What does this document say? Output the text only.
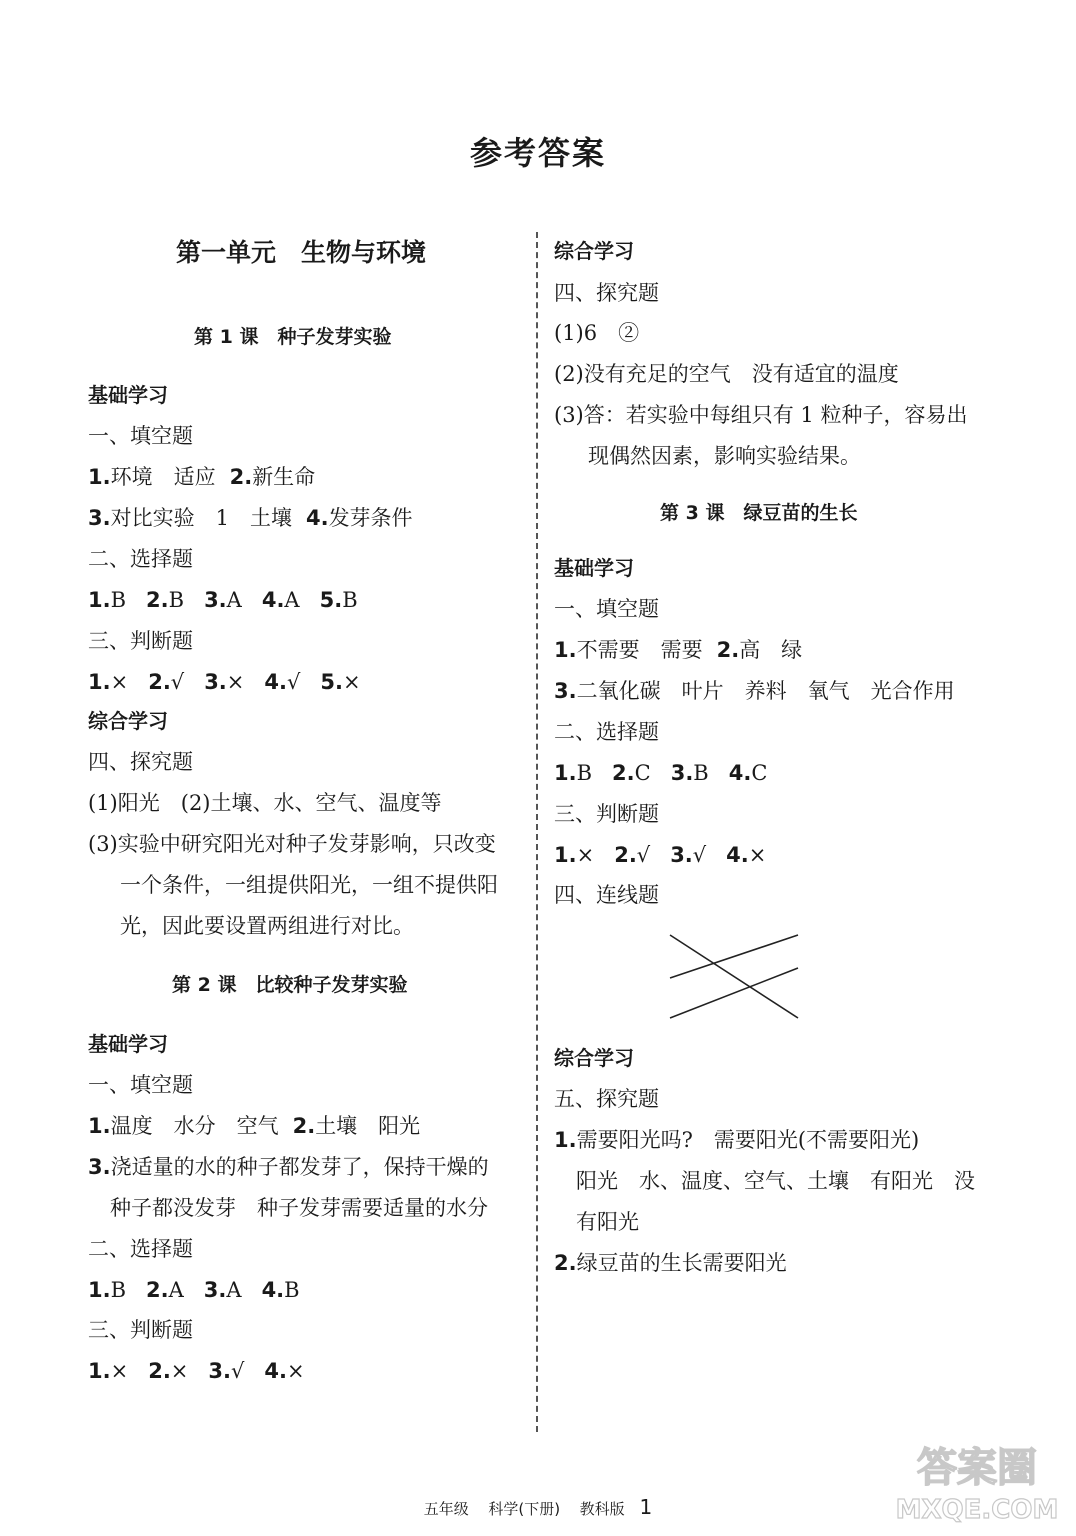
参考答案
第一单元　生物与环境
第 1 课　种子发芽实验
基础学习
一、填空题
1.环境　适应 2.新生命
3.对比实验　1　土壤 4.发芽条件
二、选择题
1.B 2.B 3.A 4.A 5.B
三、判断题
1.× 2.√ 3.× 4.√ 5.×
综合学习
四、探究题
(1)阳光　(2)土壤、水、空气、温度等
(3)实验中研究阳光对种子发芽影响，只改变
一个条件，一组提供阳光，一组不提供阳
光，因此要设置两组进行对比。
第 2 课　比较种子发芽实验
基础学习
一、填空题
1.温度　水分　空气 2.土壤　阳光
3.浇适量的水的种子都发芽了，保持干燥的
种子都没发芽　种子发芽需要适量的水分
二、选择题
1.B 2.A 3.A 4.B
三、判断题
1.× 2.× 3.√ 4.×
综合学习
四、探究题
(1)6　②
(2)没有充足的空气　没有适宜的温度
(3)答：若实验中每组只有 1 粒种子，容易出
现偶然因素，影响实验结果。
第 3 课　绿豆苗的生长
基础学习
一、填空题
1.不需要　需要 2.高　绿
3.二氧化碳　叶片　养料　氧气　光合作用
二、选择题
1.B 2.C 3.B 4.C
三、判断题
1.× 2.√ 3.√ 4.×
四、连线题
综合学习
五、探究题
1.需要阳光吗?　需要阳光(不需要阳光)
阳光　水、温度、空气、土壤　有阳光　没
有阳光
2.绿豆苗的生长需要阳光
五年级 科学(下册) 教科版 1
答案圈
MXQE.COM
